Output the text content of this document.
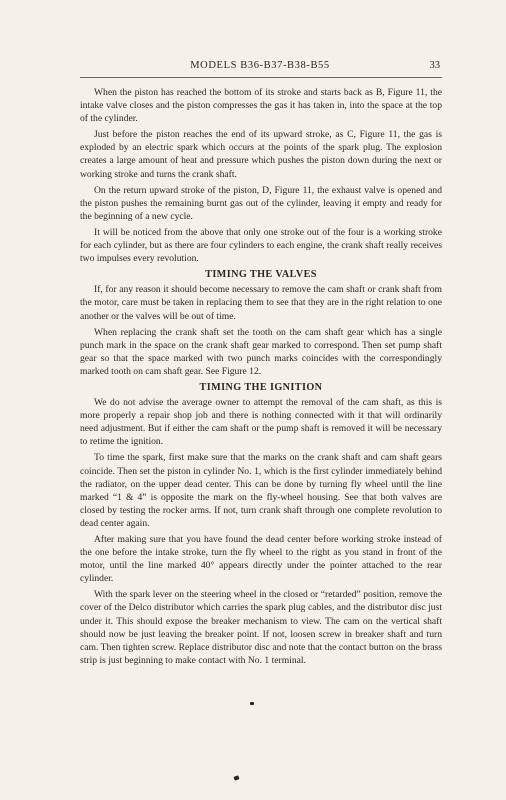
MODELS B36-B37-B38-B55	33

When the piston has reached the bottom of its stroke and starts back as B, Figure 11, the intake valve closes and the piston compresses the gas it has taken in, into the space at the top of the cylinder.

Just before the piston reaches the end of its upward stroke, as C, Figure 11, the gas is exploded by an electric spark which occurs at the points of the spark plug. The explosion creates a large amount of heat and pressure which pushes the piston down during the next or working stroke and turns the crank shaft.

On the return upward stroke of the piston, D, Figure 11, the exhaust valve is opened and the piston pushes the remaining burnt gas out of the cylinder, leaving it empty and ready for the beginning of a new cycle.

It will be noticed from the above that only one stroke out of the four is a working stroke for each cylinder, but as there are four cylinders to each engine, the crank shaft really receives two impulses every revolution.

TIMING THE VALVES

If, for any reason it should become necessary to remove the cam shaft or crank shaft from the motor, care must be taken in replacing them to see that they are in the right relation to one another or the valves will be out of time.

When replacing the crank shaft set the tooth on the cam shaft gear which has a single punch mark in the space on the crank shaft gear marked to correspond. Then set pump shaft gear so that the space marked with two punch marks coincides with the correspondingly marked tooth on cam shaft gear. See Figure 12.

TIMING THE IGNITION

We do not advise the average owner to attempt the removal of the cam shaft, as this is more properly a repair shop job and there is nothing connected with it that will ordinarily need adjustment. But if either the cam shaft or the pump shaft is removed it will be necessary to retime the ignition.

To time the spark, first make sure that the marks on the crank shaft and cam shaft gears coincide. Then set the piston in cylinder No. 1, which is the first cylinder immediately behind the radiator, on the upper dead center. This can be done by turning fly wheel until the line marked “1 & 4” is opposite the mark on the fly-wheel housing. See that both valves are closed by testing the rocker arms. If not, turn crank shaft through one complete revolution to dead center again.

After making sure that you have found the dead center before working stroke instead of the one before the intake stroke, turn the fly wheel to the right as you stand in front of the motor, until the line marked 40° appears directly under the pointer attached to the rear cylinder.

With the spark lever on the steering wheel in the closed or “retarded” position, remove the cover of the Delco distributor which carries the spark plug cables, and the distributor disc just under it. This should expose the breaker mechanism to view. The cam on the vertical shaft should now be just leaving the breaker point. If not, loosen screw in breaker shaft and turn cam. Then tighten screw. Replace distributor disc and note that the contact button on the brass strip is just beginning to make contact with No. 1 terminal.
